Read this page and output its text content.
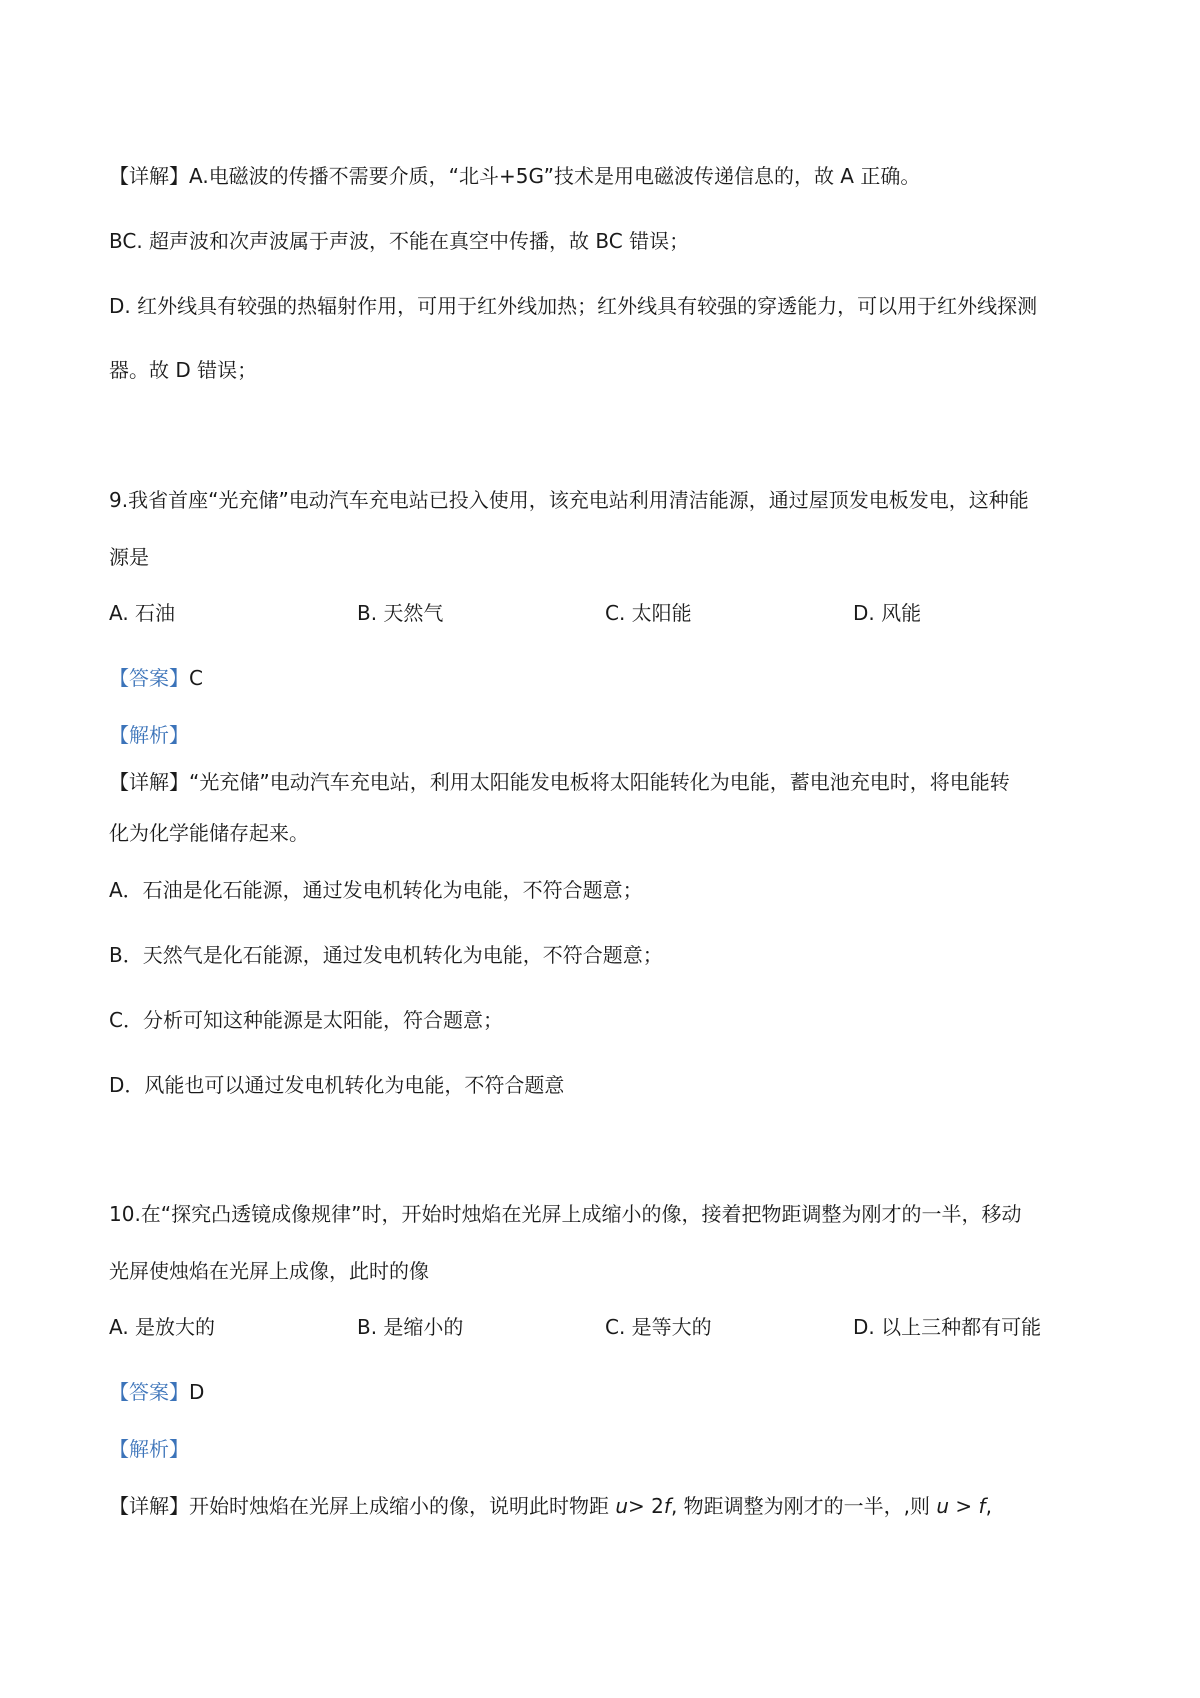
【详解】A.电磁波的传播不需要介质，“北斗+5G”技术是用电磁波传递信息的，故 A 正确。
BC. 超声波和次声波属于声波，不能在真空中传播，故 BC 错误；
D. 红外线具有较强的热辐射作用，可用于红外线加热；红外线具有较强的穿透能力，可以用于红外线探测
器。故 D 错误；
9.我省首座“光充储”电动汽车充电站已投入使用，该充电站利用清洁能源，通过屋顶发电板发电，这种能
源是
A. 石油	B. 天然气	C. 太阳能	D. 风能
【答案】C
【解析】
【详解】“光充储”电动汽车充电站，利用太阳能发电板将太阳能转化为电能，蓄电池充电时，将电能转
化为化学能储存起来。
A．石油是化石能源，通过发电机转化为电能，不符合题意；
B．天然气是化石能源，通过发电机转化为电能，不符合题意；
C．分析可知这种能源是太阳能，符合题意；
D．风能也可以通过发电机转化为电能，不符合题意
10.在“探究凸透镜成像规律”时，开始时烛焰在光屏上成缩小的像，接着把物距调整为刚才的一半，移动
光屏使烛焰在光屏上成像，此时的像
A. 是放大的	B. 是缩小的	C. 是等大的	D. 以上三种都有可能
【答案】D
【解析】
【详解】开始时烛焰在光屏上成缩小的像，说明此时物距 u> 2f, 物距调整为刚才的一半，,则 u > f,
